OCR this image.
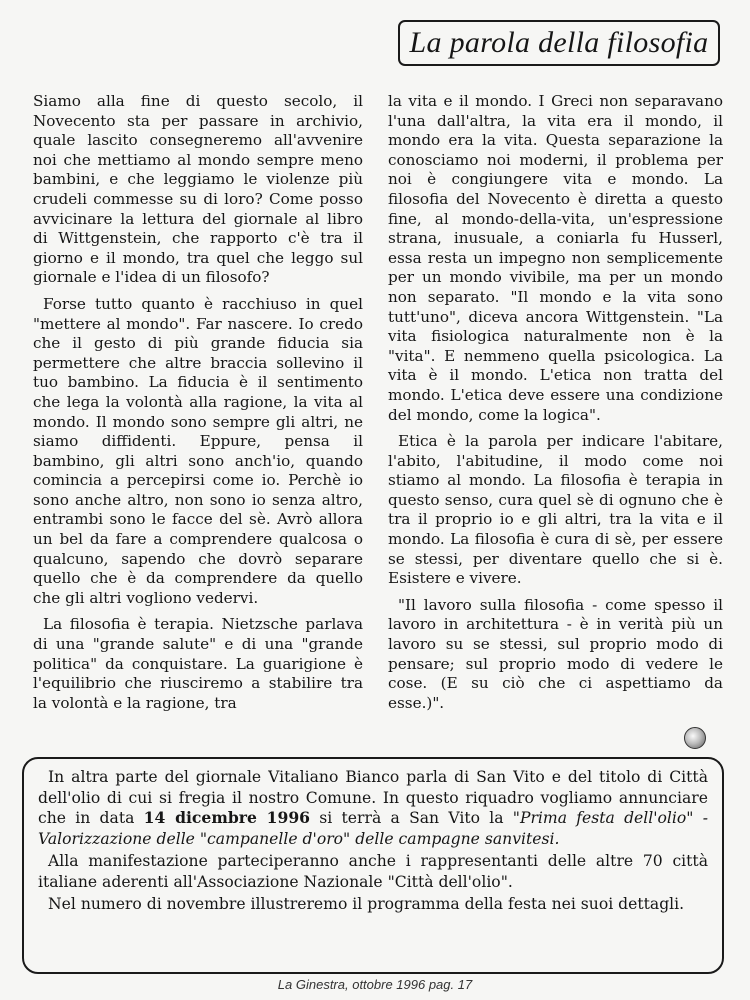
La parola della filosofia

Siamo alla fine di questo secolo, il Novecento sta per passare in archivio, quale lascito consegneremo all'avvenire noi che mettiamo al mondo sempre meno bambini, e che leggiamo le violenze più crudeli commesse su di loro? Come posso avvicinare la lettura del giornale al libro di Wittgenstein, che rapporto c'è tra il giorno e il mondo, tra quel che leggo sul giornale e l'idea di un filosofo?

Forse tutto quanto è racchiuso in quel "mettere al mondo". Far nascere. Io credo che il gesto di più grande fiducia sia permettere che altre braccia sollevino il tuo bambino. La fiducia è il sentimento che lega la volontà alla ragione, la vita al mondo. Il mondo sono sempre gli altri, ne siamo diffidenti. Eppure, pensa il bambino, gli altri sono anch'io, quando comincia a percepirsi come io. Perchè io sono anche altro, non sono io senza altro, entrambi sono le facce del sè. Avrò allora un bel da fare a comprendere qualcosa o qualcuno, sapendo che dovrò separare quello che è da comprendere da quello che gli altri vogliono vedervi.

La filosofia è terapia. Nietzsche parlava di una "grande salute" e di una "grande politica" da conquistare. La guarigione è l'equilibrio che riusciremo a stabilire tra la volontà e la ragione, tra

la vita e il mondo. I Greci non separavano l'una dall'altra, la vita era il mondo, il mondo era la vita. Questa separazione la conosciamo noi moderni, il problema per noi è congiungere vita e mondo. La filosofia del Novecento è diretta a questo fine, al mondo-della-vita, un'espressione strana, inusuale, a coniarla fu Husserl, essa resta un impegno non semplicemente per un mondo vivibile, ma per un mondo non separato. "Il mondo e la vita sono tutt'uno", diceva ancora Wittgenstein. "La vita fisiologica naturalmente non è la "vita". E nemmeno quella psicologica. La vita è il mondo. L'etica non tratta del mondo. L'etica deve essere una condizione del mondo, come la logica".

Etica è la parola per indicare l'abitare, l'abito, l'abitudine, il modo come noi stiamo al mondo. La filosofia è terapia in questo senso, cura quel sè di ognuno che è tra il proprio io e gli altri, tra la vita e il mondo. La filosofia è cura di sè, per essere se stessi, per diventare quello che si è. Esistere e vivere.

"Il lavoro sulla filosofia - come spesso il lavoro in architettura - è in verità più un lavoro su se stessi, sul proprio modo di pensare; sul proprio modo di vedere le cose. (E su ciò che ci aspettiamo da esse.)".

In altra parte del giornale Vitaliano Bianco parla di San Vito e del titolo di Città dell'olio di cui si fregia il nostro Comune. In questo riquadro vogliamo annunciare che in data 14 dicembre 1996 si terrà a San Vito la "Prima festa dell'olio" - Valorizzazione delle "campanelle d'oro" delle campagne sanvitesi.

Alla manifestazione parteciperanno anche i rappresentanti delle altre 70 città italiane aderenti all'Associazione Nazionale "Città dell'olio".

Nel numero di novembre illustreremo il programma della festa nei suoi dettagli.

La Ginestra, ottobre 1996 pag. 17
